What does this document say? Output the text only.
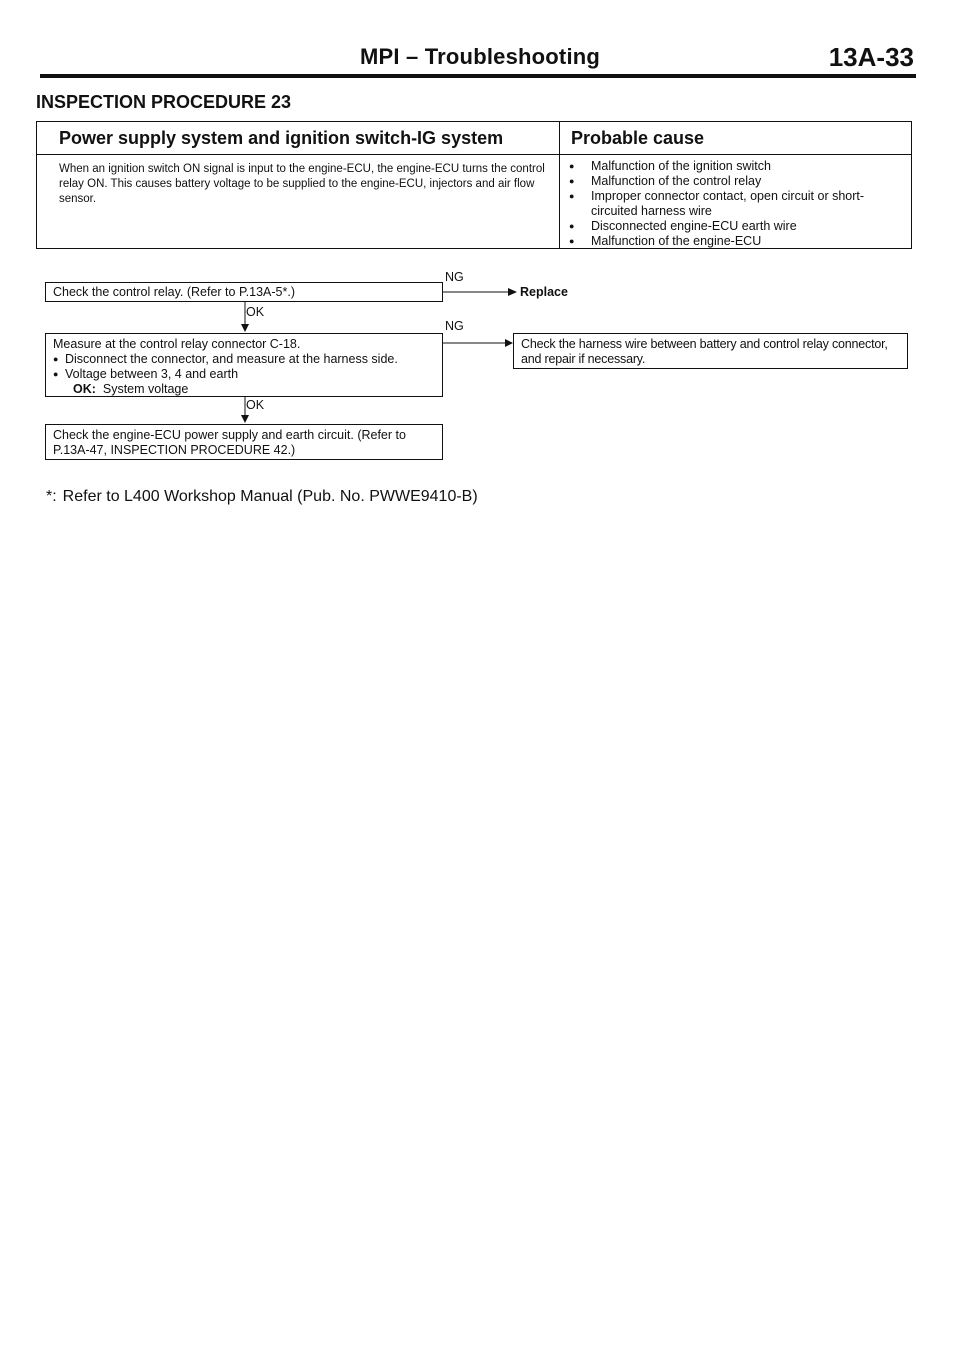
MPI – Troubleshooting	13A-33
INSPECTION PROCEDURE 23
Power supply system and ignition switch-IG system	Probable cause
When an ignition switch ON signal is input to the engine-ECU, the engine-ECU turns the control relay ON. This causes battery voltage to be supplied to the engine-ECU, injectors and air flow sensor.
● Malfunction of the ignition switch
● Malfunction of the control relay
● Improper connector contact, open circuit or short-circuited harness wire
● Disconnected engine-ECU earth wire
● Malfunction of the engine-ECU
Check the control relay. (Refer to P.13A-5*.)
NG
Replace
OK
Measure at the control relay connector C-18.
● Disconnect the connector, and measure at the harness side.
● Voltage between 3, 4 and earth
OK: System voltage
NG
Check the harness wire between battery and control relay connector, and repair if necessary.
OK
Check the engine-ECU power supply and earth circuit. (Refer to P.13A-47, INSPECTION PROCEDURE 42.)
*: Refer to L400 Workshop Manual (Pub. No. PWWE9410-B)
